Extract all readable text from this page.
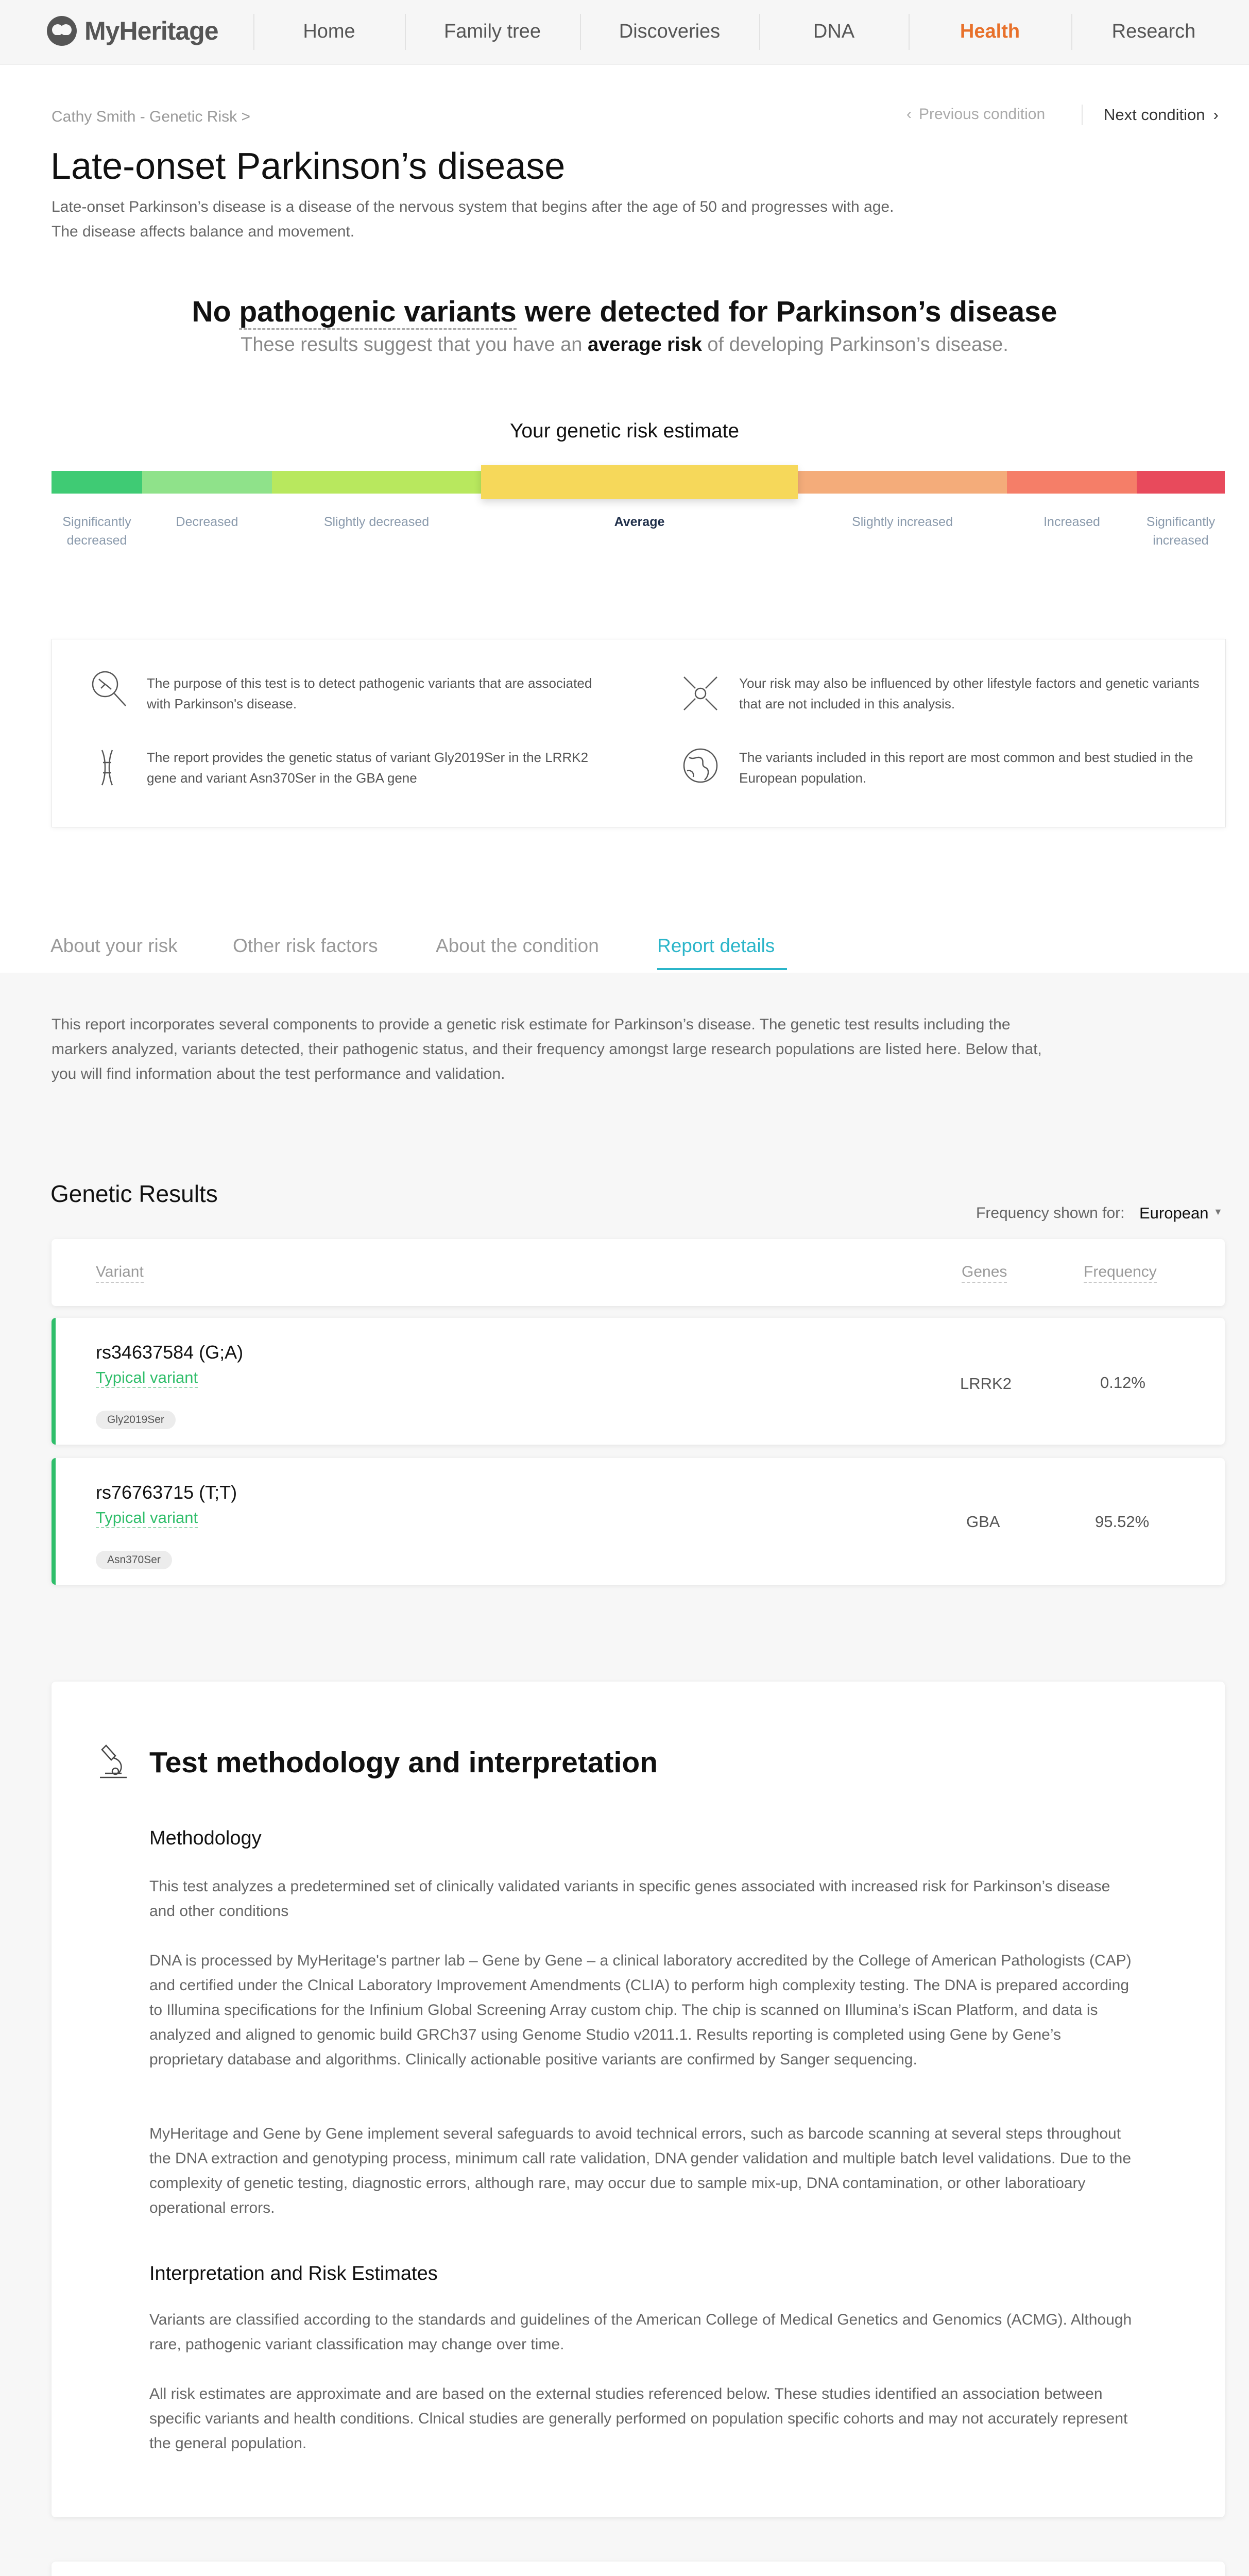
MyHeritage	Home	Family tree	Discoveries	DNA	Health	Research
Cathy Smith - Genetic Risk >	‹ Previous condition	Next condition ›
Late-onset Parkinson’s disease
Late-onset Parkinson’s disease is a disease of the nervous system that begins after the age of 50 and progresses with age. The disease affects balance and movement.
No pathogenic variants were detected for Parkinson’s disease
These results suggest that you have an average risk of developing Parkinson’s disease.
Your genetic risk estimate
Significantly
decreased
Decreased	Slightly decreased	Average	Slightly increased	Increased	Significantly
increased
The purpose of this test is to detect pathogenic variants that are associated with Parkinson's disease.
Your risk may also be influenced by other lifestyle factors and genetic variants that are not included in this analysis.
The report provides the genetic status of variant Gly2019Ser in the LRRK2 gene and variant Asn370Ser in the GBA gene
The variants included in this report are most common and best studied in the European population.
About your risk	Other risk factors	About the condition	Report details
This report incorporates several components to provide a genetic risk estimate for Parkinson’s disease. The genetic test results including the markers analyzed, variants detected, their pathogenic status, and their frequency amongst large research populations are listed here. Below that, you will find information about the test performance and validation.
Genetic Results
Frequency shown for: European ▼
Variant	Genes	Frequency
rs34637584 (G;A)
Typical variant
Gly2019Ser
LRRK2	0.12%
rs76763715 (T;T)
Typical variant
Asn370Ser
GBA	95.52%
Test methodology and interpretation
Methodology
This test analyzes a predetermined set of clinically validated variants in specific genes associated with increased risk for Parkinson’s disease and other conditions
DNA is processed by MyHeritage's partner lab – Gene by Gene – a clinical laboratory accredited by the College of American Pathologists (CAP) and certified under the Clnical Laboratory Improvement Amendments (CLIA) to perform high complexity testing. The DNA is prepared according to Illumina specifications for the Infinium Global Screening Array custom chip. The chip is scanned on Illumina’s iScan Platform, and data is analyzed and aligned to genomic build GRCh37 using Genome Studio v2011.1. Results reporting is completed using Gene by Gene’s proprietary database and algorithms. Clinically actionable positive variants are confirmed by Sanger sequencing.
MyHeritage and Gene by Gene implement several safeguards to avoid technical errors, such as barcode scanning at several steps throughout the DNA extraction and genotyping process, minimum call rate validation, DNA gender validation and multiple batch level validations. Due to the complexity of genetic testing, diagnostic errors, although rare, may occur due to sample mix-up, DNA contamination, or other laboratioary operational errors.
Interpretation and Risk Estimates
Variants are classified according to the standards and guidelines of the American College of Medical Genetics and Genomics (ACMG). Although rare, pathogenic variant classification may change over time.
All risk estimates are approximate and are based on the external studies referenced below. These studies identified an association between specific variants and health conditions. Clnical studies are generally performed on population specific cohorts and may not accurately represent the general population.
